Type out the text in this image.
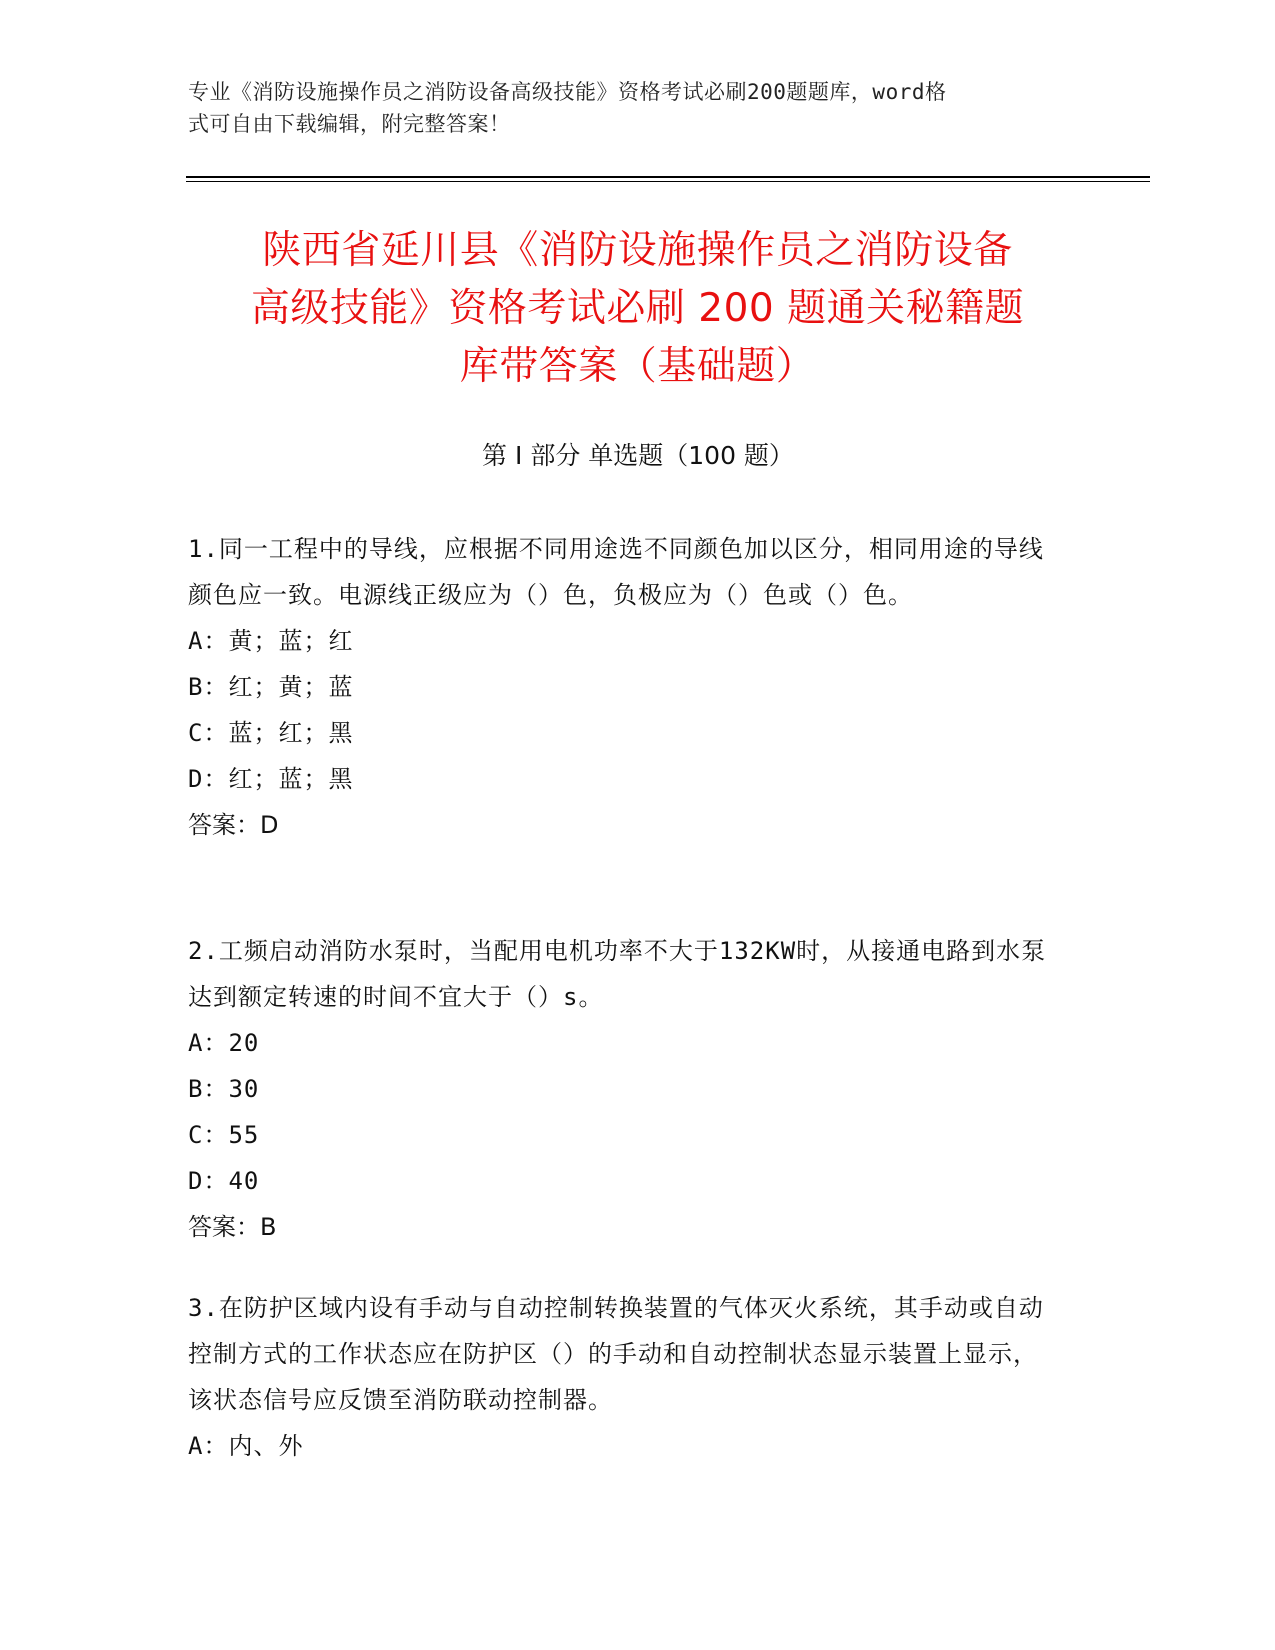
专业《消防设施操作员之消防设备高级技能》资格考试必刷200题题库，word格
式可自由下载编辑，附完整答案！
陕西省延川县《消防设施操作员之消防设备
高级技能》资格考试必刷 200 题通关秘籍题
库带答案（基础题）
第 I 部分 单选题（100 题）
1.同一工程中的导线，应根据不同用途选不同颜色加以区分，相同用途的导线颜色应一致。电源线正级应为（）色，负极应为（）色或（）色。
A：黄；蓝；红
B：红；黄；蓝
C：蓝；红；黑
D：红；蓝；黑
答案：D
2.工频启动消防水泵时，当配用电机功率不大于132KW时，从接通电路到水泵达到额定转速的时间不宜大于（）s。
A：20
B：30
C：55
D：40
答案：B
3.在防护区域内设有手动与自动控制转换装置的气体灭火系统，其手动或自动控制方式的工作状态应在防护区（）的手动和自动控制状态显示装置上显示，该状态信号应反馈至消防联动控制器。
A：内、外
